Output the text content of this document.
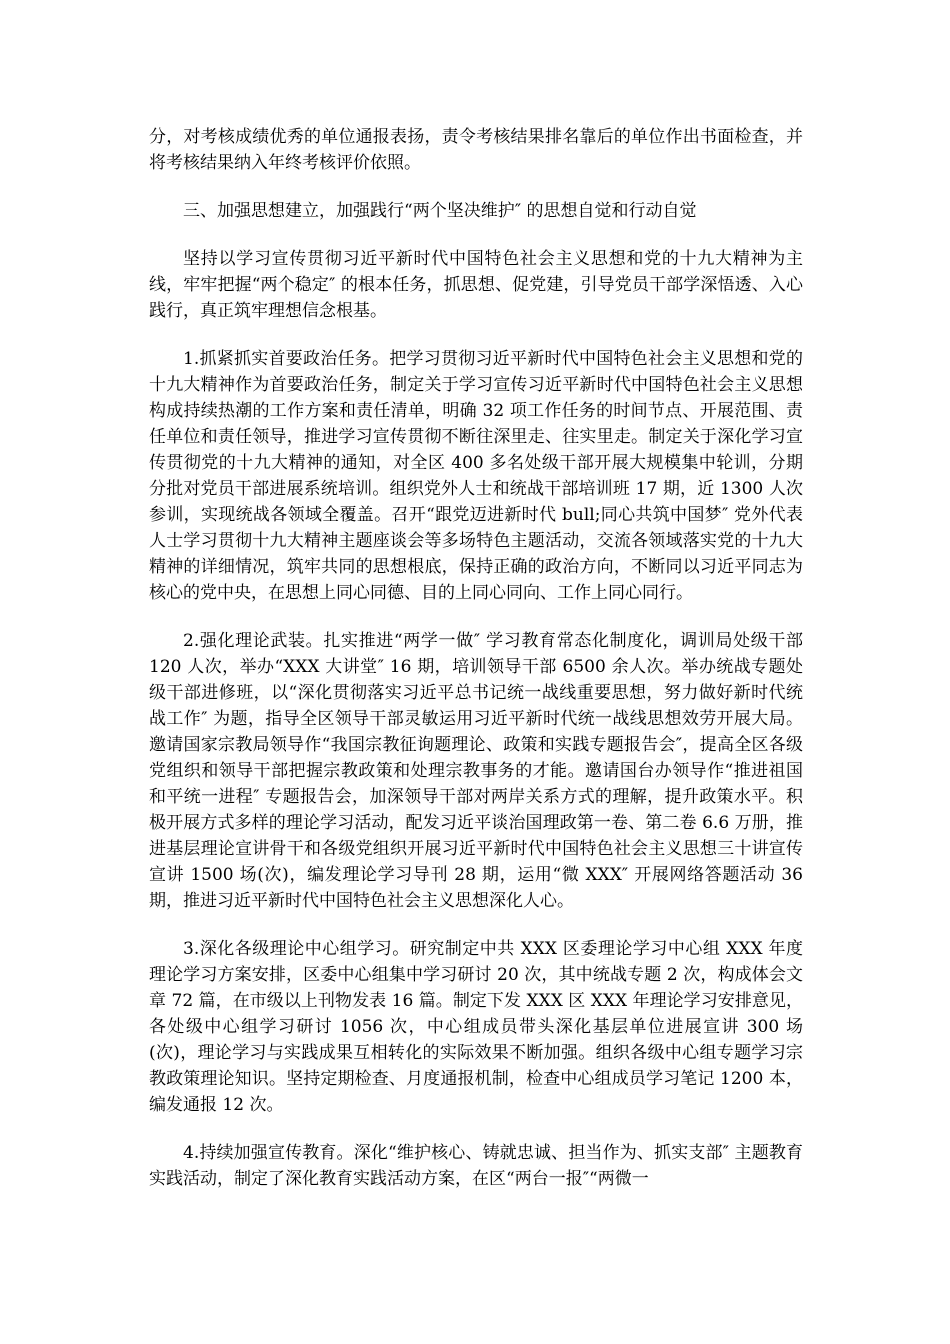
分，对考核成绩优秀的单位通报表扬，责令考核结果排名靠后的单位作出书面检查，并将考核结果纳入年终考核评价依照。

三、加强思想建立，加强践行“两个坚决维护″ 的思想自觉和行动自觉

坚持以学习宣传贯彻习近平新时代中国特色社会主义思想和党的十九大精神为主线，牢牢把握“两个稳定″ 的根本任务，抓思想、促党建，引导党员干部学深悟透、入心践行，真正筑牢理想信念根基。

1.抓紧抓实首要政治任务。把学习贯彻习近平新时代中国特色社会主义思想和党的十九大精神作为首要政治任务，制定关于学习宣传习近平新时代中国特色社会主义思想构成持续热潮的工作方案和责任清单，明确 32 项工作任务的时间节点、开展范围、责任单位和责任领导，推进学习宣传贯彻不断往深里走、往实里走。制定关于深化学习宣传贯彻党的十九大精神的通知，对全区 400 多名处级干部开展大规模集中轮训，分期分批对党员干部进展系统培训。组织党外人士和统战干部培训班 17 期，近 1300 人次参训，实现统战各领域全覆盖。召开“跟党迈进新时代 bull;同心共筑中国梦″ 党外代表人士学习贯彻十九大精神主题座谈会等多场特色主题活动，交流各领域落实党的十九大精神的详细情况，筑牢共同的思想根底，保持正确的政治方向，不断同以习近平同志为核心的党中央，在思想上同心同德、目的上同心同向、工作上同心同行。

2.强化理论武装。扎实推进“两学一做″ 学习教育常态化制度化，调训局处级干部 120 人次，举办“XXX 大讲堂″ 16 期，培训领导干部 6500 余人次。举办统战专题处级干部进修班，以“深化贯彻落实习近平总书记统一战线重要思想，努力做好新时代统战工作″ 为题，指导全区领导干部灵敏运用习近平新时代统一战线思想效劳开展大局。邀请国家宗教局领导作“我国宗教征询题理论、政策和实践专题报告会″，提高全区各级党组织和领导干部把握宗教政策和处理宗教事务的才能。邀请国台办领导作“推进祖国和平统一进程″ 专题报告会，加深领导干部对两岸关系方式的理解，提升政策水平。积极开展方式多样的理论学习活动，配发习近平谈治国理政第一卷、第二卷 6.6 万册，推进基层理论宣讲骨干和各级党组织开展习近平新时代中国特色社会主义思想三十讲宣传宣讲 1500 场(次)，编发理论学习导刊 28 期，运用“微 XXX″ 开展网络答题活动 36 期，推进习近平新时代中国特色社会主义思想深化人心。

3.深化各级理论中心组学习。研究制定中共 XXX 区委理论学习中心组 XXX 年度理论学习方案安排，区委中心组集中学习研讨 20 次，其中统战专题 2 次，构成体会文章 72 篇，在市级以上刊物发表 16 篇。制定下发 XXX 区 XXX 年理论学习安排意见，各处级中心组学习研讨 1056 次，中心组成员带头深化基层单位进展宣讲 300 场(次)，理论学习与实践成果互相转化的实际效果不断加强。组织各级中心组专题学习宗教政策理论知识。坚持定期检查、月度通报机制，检查中心组成员学习笔记 1200 本，编发通报 12 次。

4.持续加强宣传教育。深化“维护核心、铸就忠诚、担当作为、抓实支部″ 主题教育实践活动，制定了深化教育实践活动方案，在区“两台一报″“两微一
